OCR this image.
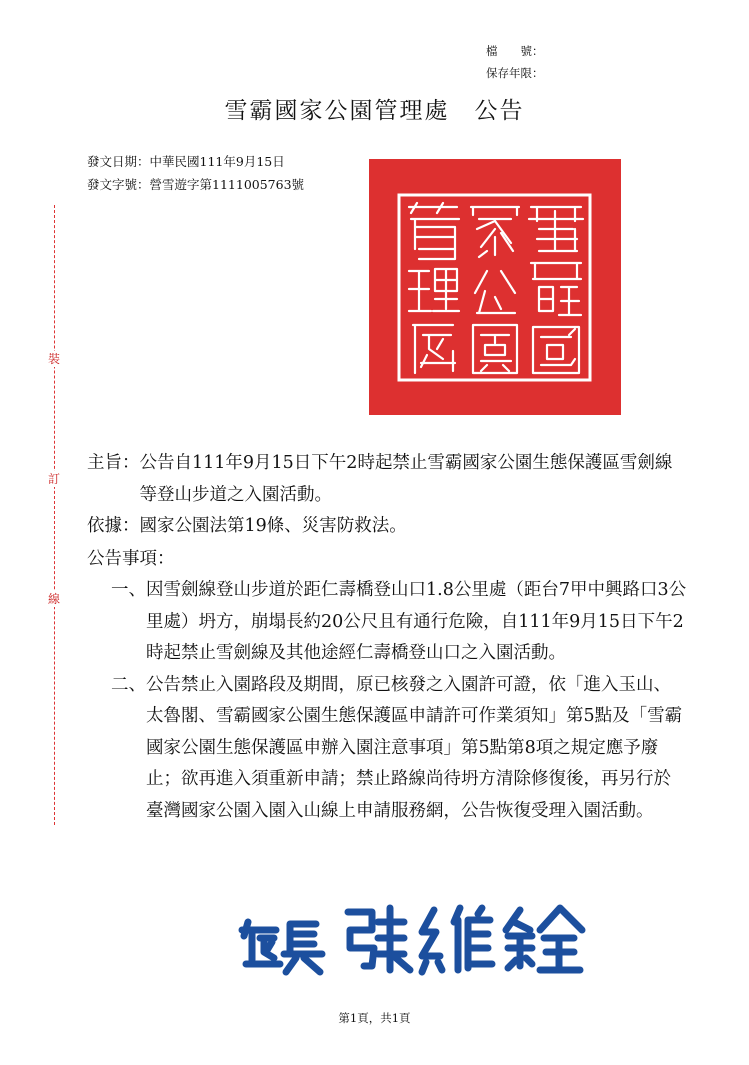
檔　　號：
保存年限：
雪霸國家公園管理處　公告
發文日期：中華民國111年9月15日
發文字號：營雪遊字第1111005763號
裝
訂
線
主旨： 公告自111年9月15日下午2時起禁止雪霸國家公園生態保護區雪劍線等登山步道之入園活動。
依據： 國家公園法第19條、災害防救法。
公告事項：
一、 因雪劍線登山步道於距仁壽橋登山口1.8公里處（距台7甲中興路口3公里處）坍方，崩塌長約20公尺且有通行危險，自111年9月15日下午2時起禁止雪劍線及其他途經仁壽橋登山口之入園活動。
二、 公告禁止入園路段及期間，原已核發之入園許可證，依「進入玉山、太魯閣、雪霸國家公園生態保護區申請許可作業須知」第5點及「雪霸國家公園生態保護區申辦入園注意事項」第5點第8項之規定應予廢止；欲再進入須重新申請；禁止路線尚待坍方清除修復後，再另行於臺灣國家公園入園入山線上申請服務網，公告恢復受理入園活動。
第1頁，共1頁
